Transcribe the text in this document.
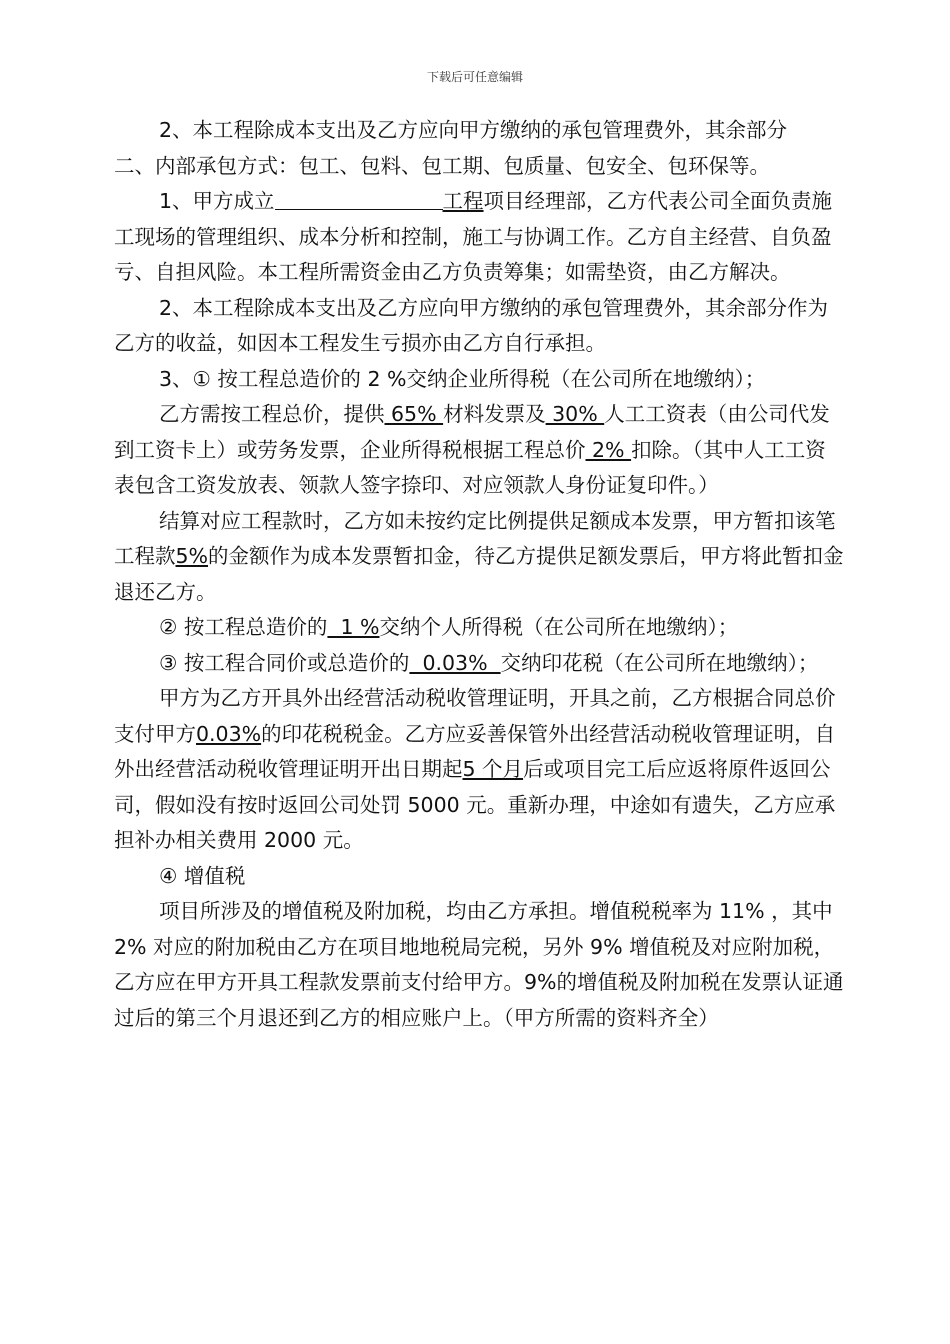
下载后可任意编辑

2、本工程除成本支出及乙方应向甲方缴纳的承包管理费外，其余部分

二、内部承包方式：包工、包料、包工期、包质量、包安全、包环保等。

1、甲方成立	工程项目经理部，乙方代表公司全面负责施工现场的管理组织、成本分析和控制，施工与协调工作。乙方自主经营、自负盈亏、自担风险。本工程所需资金由乙方负责筹集；如需垫资，由乙方解决。

2、本工程除成本支出及乙方应向甲方缴纳的承包管理费外，其余部分作为乙方的收益，如因本工程发生亏损亦由乙方自行承担。

3、① 按工程总造价的 2 %交纳企业所得税（在公司所在地缴纳）；

乙方需按工程总价，提供 65% 材料发票及 30% 人工工资表（由公司代发到工资卡上）或劳务发票，企业所得税根据工程总价 2% 扣除。（其中人工工资表包含工资发放表、领款人签字捺印、对应领款人身份证复印件。）

结算对应工程款时，乙方如未按约定比例提供足额成本发票，甲方暂扣该笔工程款5%的金额作为成本发票暂扣金，待乙方提供足额发票后，甲方将此暂扣金退还乙方。

② 按工程总造价的  1 %交纳个人所得税（在公司所在地缴纳）；

③ 按工程合同价或总造价的  0.03%  交纳印花税（在公司所在地缴纳）；

甲方为乙方开具外出经营活动税收管理证明，开具之前，乙方根据合同总价支付甲方0.03%的印花税税金。乙方应妥善保管外出经营活动税收管理证明，自外出经营活动税收管理证明开出日期起5 个月后或项目完工后应返将原件返回公司，假如没有按时返回公司处罚 5000 元。重新办理，中途如有遗失，乙方应承担补办相关费用 2000 元。

④ 增值税

项目所涉及的增值税及附加税，均由乙方承担。增值税税率为 11% ，其中 2% 对应的附加税由乙方在项目地地税局完税，另外 9% 增值税及对应附加税，乙方应在甲方开具工程款发票前支付给甲方。9%的增值税及附加税在发票认证通过后的第三个月退还到乙方的相应账户上。（甲方所需的资料齐全）
